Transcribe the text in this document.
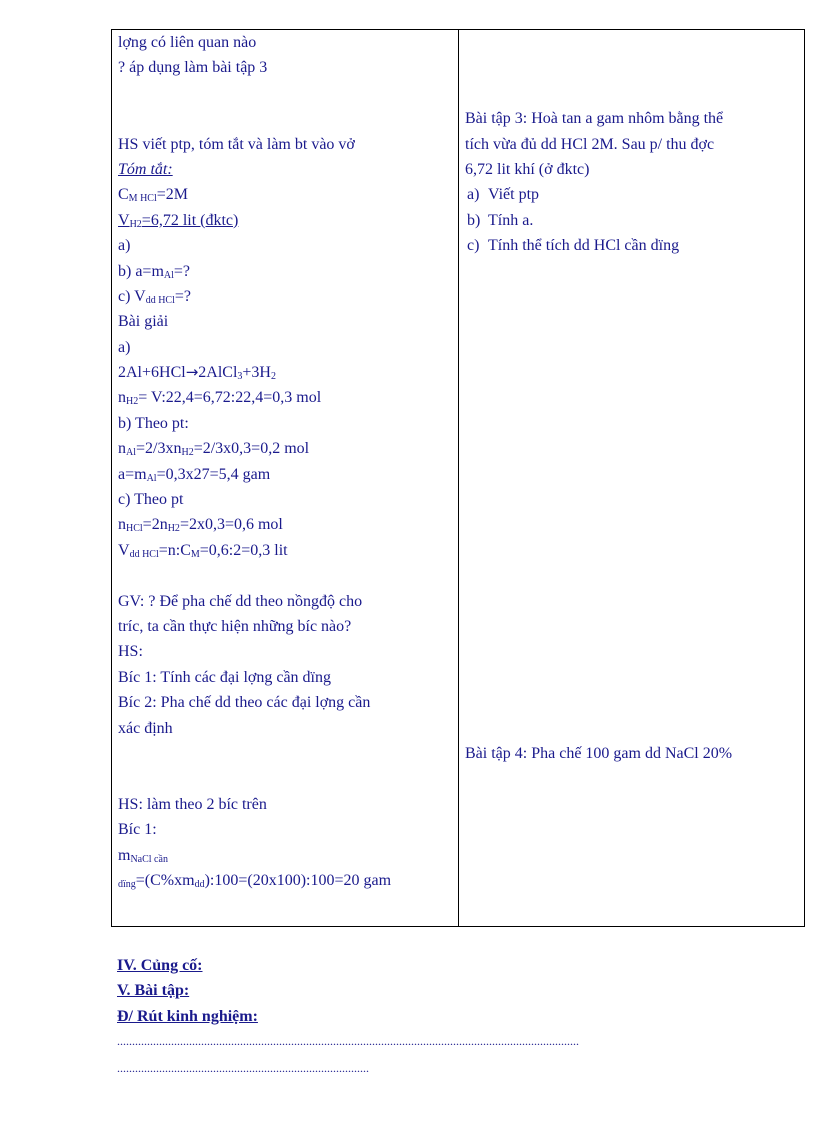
lợng có liên quan nào
? áp dụng làm bài tập 3
HS viết ptp, tóm tắt và làm bt vào vở
Tóm tắt:
$C_{M HCl}=2M$
$V_{H2}=6,72$ lit (đktc)
a)
b) $a=m_{Al}=$?
c) $V_{dd HCl}=$?
Bài giải
a)
$2Al+6HCl\to 2AlCl_3+3H_2$
$n_{H2}=$ V:22,4=6,72:22,4=0,3 mol
b) Theo pt:
$n_{Al}=2/3xn_{H2}=2/3x0,3=0,2$ mol
$a=m_{Al}=0,3x27=5,4$ gam
c) Theo pt
$n_{HCl}=2n_{H2}=2x0,3=0,6$ mol
$V_{dd HCl}=n:C_M=0,6:2=0,3$ lit
GV: ? Để pha chế dd theo nồngđộ cho
tríc, ta cần thực hiện những bíc nào?
HS:
Bíc 1: Tính các đại lợng cần dïng
Bíc 2: Pha chế dd theo các đại lợng cần
xác định
HS: làm theo 2 bíc trên
Bíc 1:
$m_{NaCl cần}$
$_{dïng}=(C\%xm_{dd}):100=(20x100):100=20$ gam
Bài tập 3: Hoà tan a gam nhôm bằng thể
tích vừa đủ dd HCl 2M. Sau p/ thu đợc
6,72 lit khí (ở đktc)
a) Viết ptp
b) Tính a.
c) Tính thể tích dd HCl cần dïng
Bài tập 4: Pha chế 100 gam dd NaCl 20%
IV. Củng cố:
V. Bài tập:
Đ/ Rút kinh nghiệm:
..........................................................................................................................................................
....................................................................................
